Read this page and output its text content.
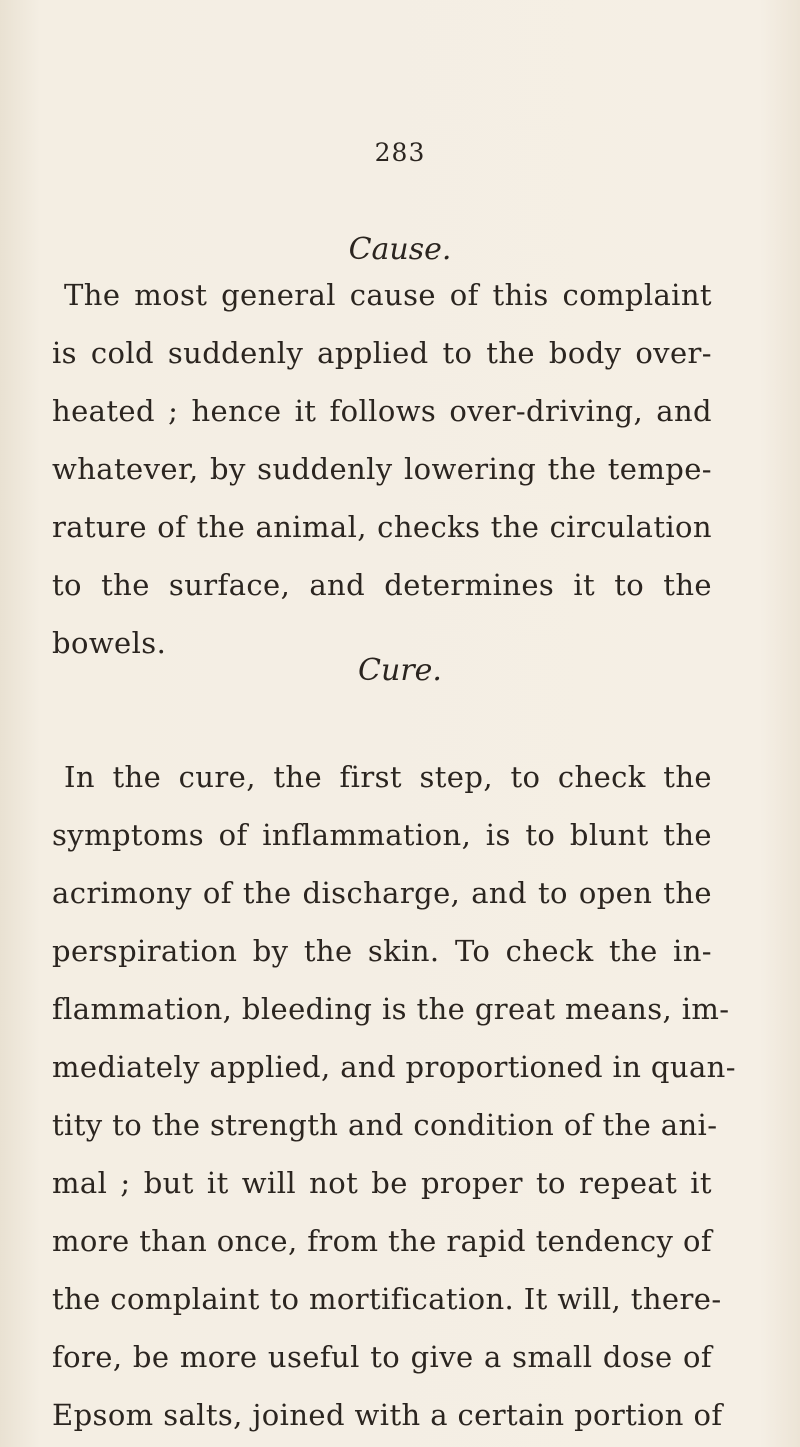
283
Cause.
The most general cause of this complaint
is cold suddenly applied to the body over-
heated ; hence it follows over-driving, and
whatever, by suddenly lowering the tempe-
rature of the animal, checks the circulation
to the surface, and determines it to the
bowels.
Cure.
In the cure, the first step, to check the
symptoms of inflammation, is to blunt the
acrimony of the discharge, and to open the
perspiration by the skin. To check the in-
flammation, bleeding is the great means, im-
mediately applied, and proportioned in quan-
tity to the strength and condition of the ani-
mal ; but it will not be proper to repeat it
more than once, from the rapid tendency of
the complaint to mortification. It will, there-
fore, be more useful to give a small dose of
Epsom salts, joined with a certain portion of
